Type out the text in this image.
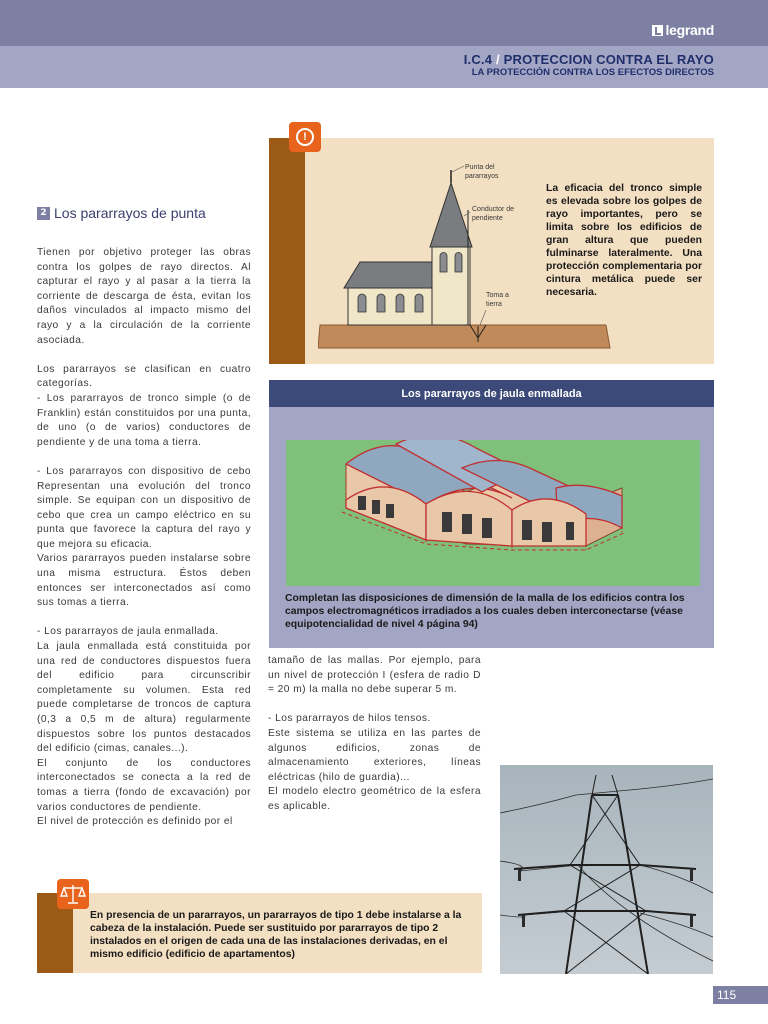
legrand
I.C.4 / PROTECCION CONTRA EL RAYO
LA PROTECCIÓN CONTRA LOS EFECTOS DIRECTOS
!
Punta del pararrayos
Conductor de pendiente
Toma a tierra
La eficacia del tronco simple es elevada sobre los golpes de rayo importantes, pero se limita sobre los edificios de gran altura que pueden fulminarse lateralmente. Una protección complementaria por cintura metálica puede ser necesaria.
2 Los pararrayos de punta

Tienen por objetivo proteger las obras contra los golpes de rayo directos. Al capturar el rayo y al pasar a la tierra la corriente de descarga de ésta, evitan los daños vinculados al impacto mismo del rayo y a la circulación de la corriente asociada.

Los pararrayos se clasifican en cuatro categorías.

- Los pararrayos de tronco simple (o de Franklin) están constituidos por una punta, de uno (o de varios) conductores de pendiente y de una toma a tierra.

- Los pararrayos con dispositivo de cebo Representan una evolución del tronco simple. Se equipan con un dispositivo de cebo que crea un campo eléctrico en su punta que favorece la captura del rayo y que mejora su eficacia.

Varios pararrayos pueden instalarse sobre una misma estructura. Éstos deben entonces ser interconectados así como sus tomas a tierra.

- Los pararrayos de jaula enmallada.

La jaula enmallada está constituida por una red de conductores dispuestos fuera del edificio para circunscribir completamente su volumen. Esta red puede completarse de troncos de captura (0,3 a 0,5 m de altura) regularmente dispuestos sobre los puntos destacados del edificio (cimas, canales...).

El conjunto de los conductores interconectados se conecta a la red de tomas a tierra (fondo de excavación) por varios conductores de pendiente.

El nivel de protección es definido por el

Los pararrayos de jaula enmallada
Completan las disposiciones de dimensión de la malla de los edificios contra los campos electromagnéticos irradiados a los cuales deben interconectarse (véase equipotencialidad de nivel 4 página 94)

tamaño de las mallas. Por ejemplo, para un nivel de protección I (esfera de radio D = 20 m) la malla no debe superar 5 m.

- Los pararrayos de hilos tensos.

Este sistema se utiliza en las partes de algunos edificios, zonas de almacenamiento exteriores, líneas eléctricas (hilo de guardia)...

El modelo electro geométrico de la esfera es aplicable.

En presencia de un pararrayos, un pararrayos de tipo 1 debe instalarse a la cabeza de la instalación. Puede ser sustituido por pararrayos de tipo 2 instalados en el origen de cada una de las instalaciones derivadas, en el mismo edificio (edificio de apartamentos)
115
